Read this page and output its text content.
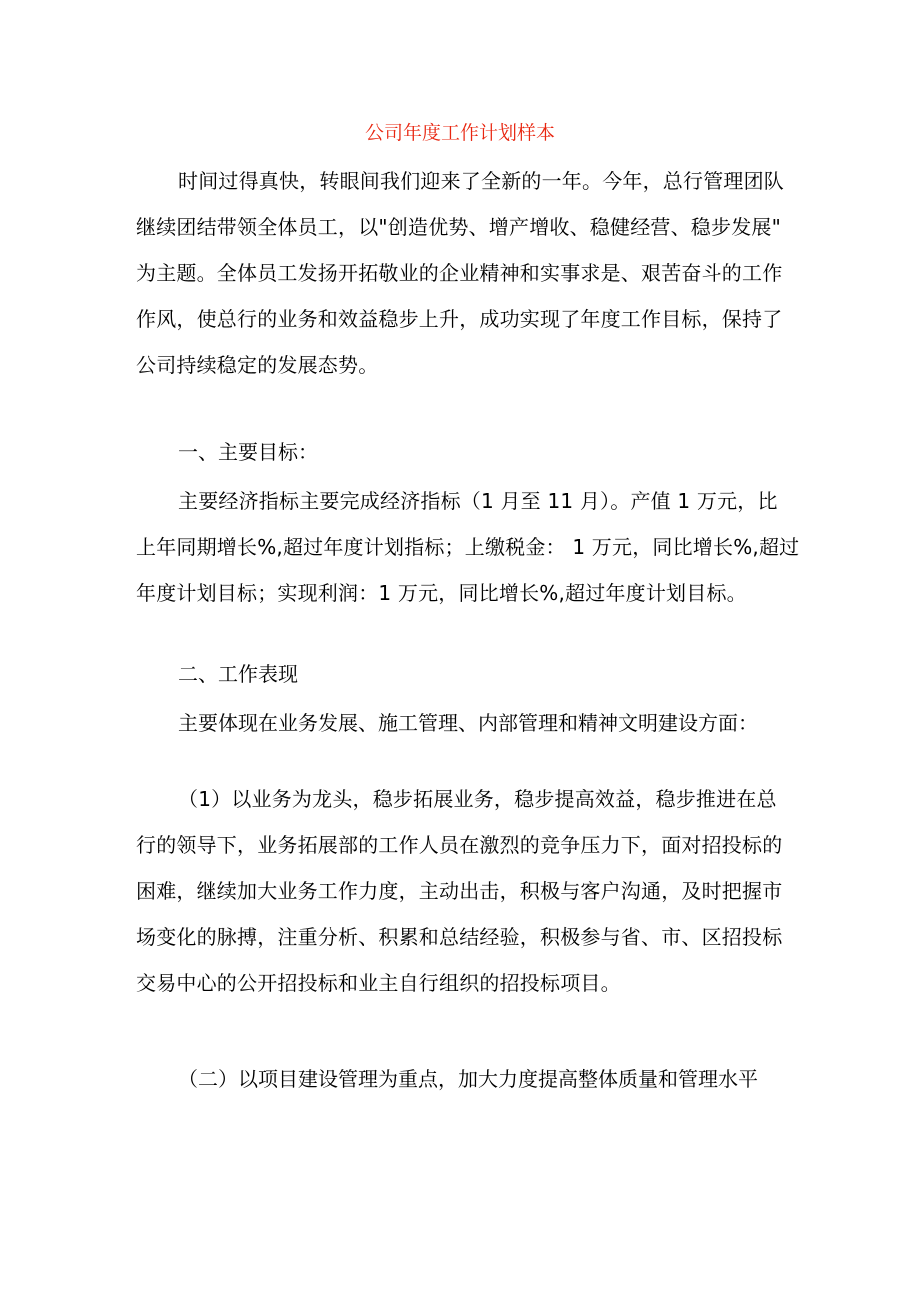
公司年度工作计划样本
时间过得真快，转眼间我们迎来了全新的一年。今年，总行管理团队
继续团结带领全体员工，以"创造优势、增产增收、稳健经营、稳步发展"
为主题。全体员工发扬开拓敬业的企业精神和实事求是、艰苦奋斗的工作
作风，使总行的业务和效益稳步上升，成功实现了年度工作目标，保持了
公司持续稳定的发展态势。
一、主要目标：
主要经济指标主要完成经济指标（1 月至 11 月）。产值 1 万元，比
上年同期增长%,超过年度计划指标；上缴税金： 1 万元，同比增长%,超过
年度计划目标；实现利润：1 万元，同比增长%,超过年度计划目标。
二、工作表现
主要体现在业务发展、施工管理、内部管理和精神文明建设方面：
（1）以业务为龙头，稳步拓展业务，稳步提高效益，稳步推进在总
行的领导下，业务拓展部的工作人员在激烈的竞争压力下，面对招投标的
困难，继续加大业务工作力度，主动出击，积极与客户沟通，及时把握市
场变化的脉搏，注重分析、积累和总结经验，积极参与省、市、区招投标
交易中心的公开招投标和业主自行组织的招投标项目。
（二）以项目建设管理为重点，加大力度提高整体质量和管理水平
